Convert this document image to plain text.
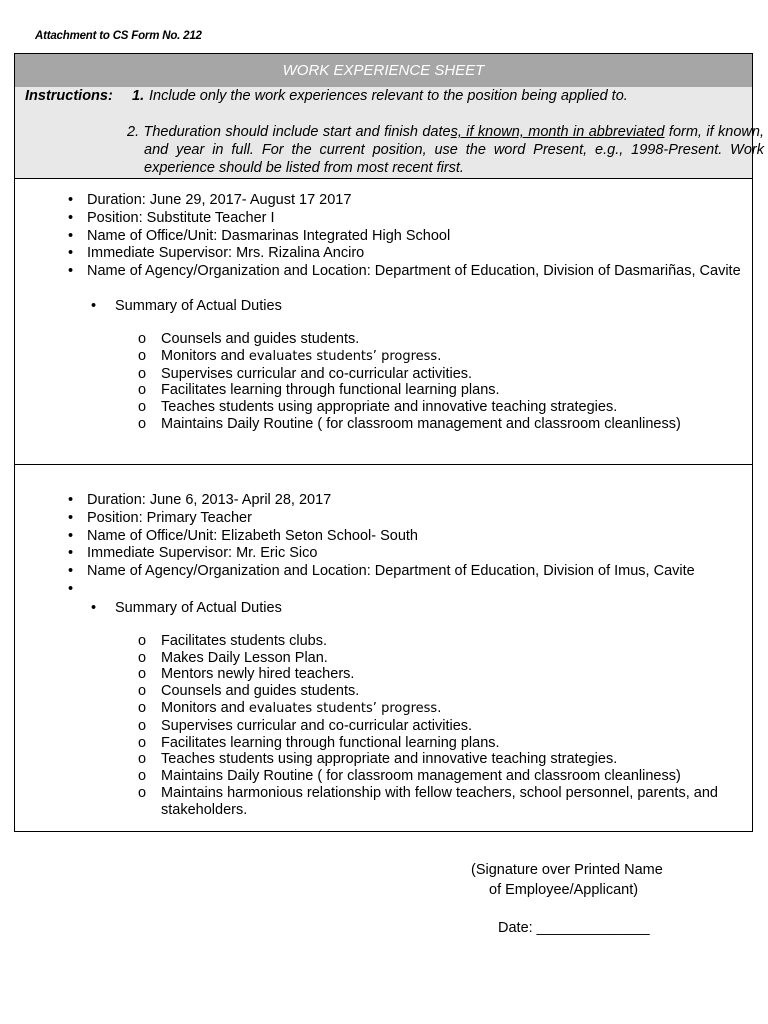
Attachment to CS Form No. 212
WORK EXPERIENCE SHEET
Instructions: 1. Include only the work experiences relevant to the position being applied to.
2. Theduration should include start and finish dates, if known, month in abbreviated form, if known, and year in full. For the current position, use the word Present, e.g., 1998-Present. Work experience should be listed from most recent first.
• Duration: June 29, 2017- August 17 2017
• Position: Substitute Teacher I
• Name of Office/Unit: Dasmarinas Integrated High School
• Immediate Supervisor: Mrs. Rizalina Anciro
• Name of Agency/Organization and Location: Department of Education, Division of Dasmariñas, Cavite
• Summary of Actual Duties
o Counsels and guides students.
o Monitors and evaluates students’ progress.
o Supervises curricular and co-curricular activities.
o Facilitates learning through functional learning plans.
o Teaches students using appropriate and innovative teaching strategies.
o Maintains Daily Routine ( for classroom management and classroom cleanliness)
• Duration: June 6, 2013- April 28, 2017
• Position: Primary Teacher
• Name of Office/Unit: Elizabeth Seton School- South
• Immediate Supervisor: Mr. Eric Sico
• Name of Agency/Organization and Location: Department of Education, Division of Imus, Cavite
•
• Summary of Actual Duties
o Facilitates students clubs.
o Makes Daily Lesson Plan.
o Mentors newly hired teachers.
o Counsels and guides students.
o Monitors and evaluates students’ progress.
o Supervises curricular and co-curricular activities.
o Facilitates learning through functional learning plans.
o Teaches students using appropriate and innovative teaching strategies.
o Maintains Daily Routine ( for classroom management and classroom cleanliness)
o Maintains harmonious relationship with fellow teachers, school personnel, parents, and stakeholders.
(Signature over Printed Name
of Employee/Applicant)
Date: ______________
